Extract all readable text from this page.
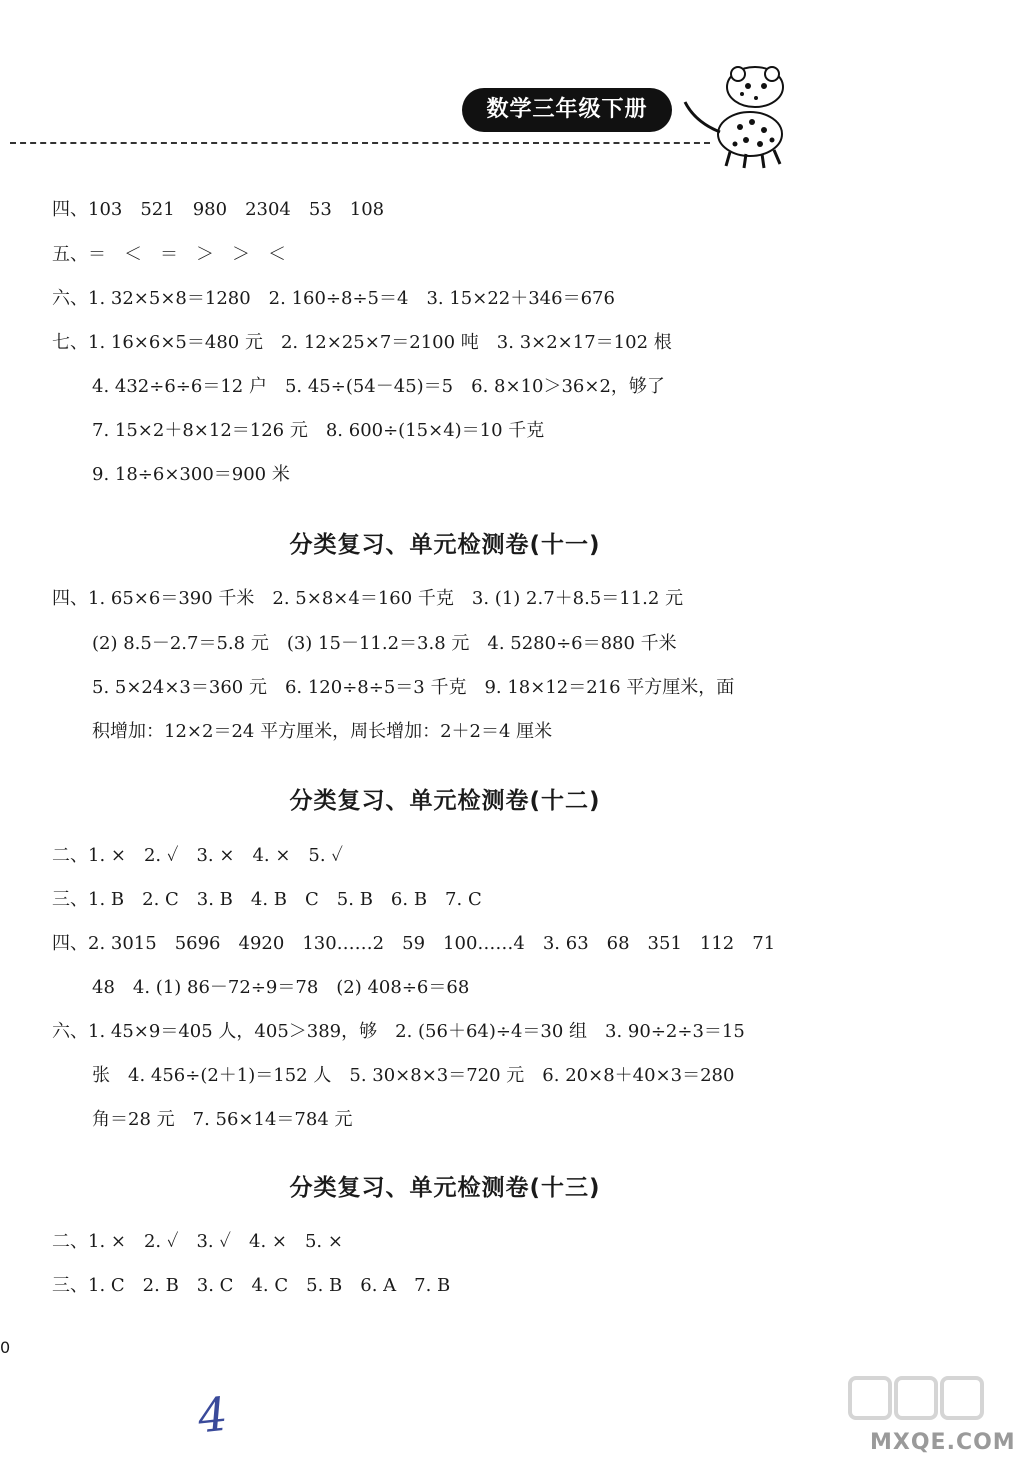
数学三年级下册
四、103　521　980　2304　53　108
五、＝　＜　＝　＞　＞　＜
六、1. 32×5×8＝1280　2. 160÷8÷5＝4　3. 15×22＋346＝676
七、1. 16×6×5＝480 元　2. 12×25×7＝2100 吨　3. 3×2×17＝102 根
4. 432÷6÷6＝12 户　5. 45÷(54－45)＝5　6. 8×10＞36×2，够了
7. 15×2＋8×12＝126 元　8. 600÷(15×4)＝10 千克
9. 18÷6×300＝900 米
分类复习、单元检测卷(十一)
四、1. 65×6＝390 千米　2. 5×8×4＝160 千克　3. (1) 2.7＋8.5＝11.2 元
(2) 8.5－2.7＝5.8 元　(3) 15－11.2＝3.8 元　4. 5280÷6＝880 千米
5. 5×24×3＝360 元　6. 120÷8÷5＝3 千克　9. 18×12＝216 平方厘米，面
积增加：12×2＝24 平方厘米，周长增加：2＋2＝4 厘米
分类复习、单元检测卷(十二)
二、1. ×　2. ✓　3. ×　4. ×　5. ✓
三、1. B　2. C　3. B　4. B　C　5. B　6. B　7. C
四、2. 3015　5696　4920　130……2　59　100……4　3. 63　68　351　112　71
48　4. (1) 86－72÷9＝78　(2) 408÷6＝68
六、1. 45×9＝405 人，405＞389，够　2. (56＋64)÷4＝30 组　3. 90÷2÷3＝15
张　4. 456÷(2＋1)＝152 人　5. 30×8×3＝720 元　6. 20×8＋40×3＝280
角＝28 元　7. 56×14＝784 元
分类复习、单元检测卷(十三)
二、1. ×　2. ✓　3. ✓　4. ×　5. ×
三、1. C　2. B　3. C　4. C　5. B　6. A　7. B
0
4	MXQE.COM
